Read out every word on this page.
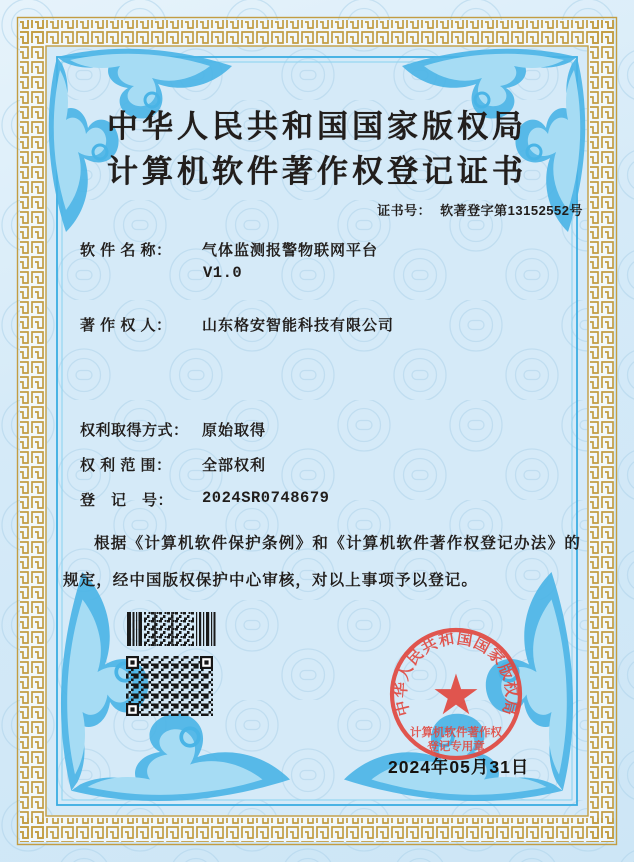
中华人民共和国国家版权局
计算机软件著作权登记证书
证书号： 软著登字第13152552号
软 件 名 称： 气体监测报警物联网平台
V1.0
著 作 权 人： 山东格安智能科技有限公司
权利取得方式： 原始取得
权 利 范 围： 全部权利
登　记　号： 2024SR0748679
根据《计算机软件保护条例》和《计算机软件著作权登记办法》的规定，经中国版权保护中心审核，对以上事项予以登记。
中华人民共和国国家版权局
★
计算机软件著作权
登记专用章
2024年05月31日
